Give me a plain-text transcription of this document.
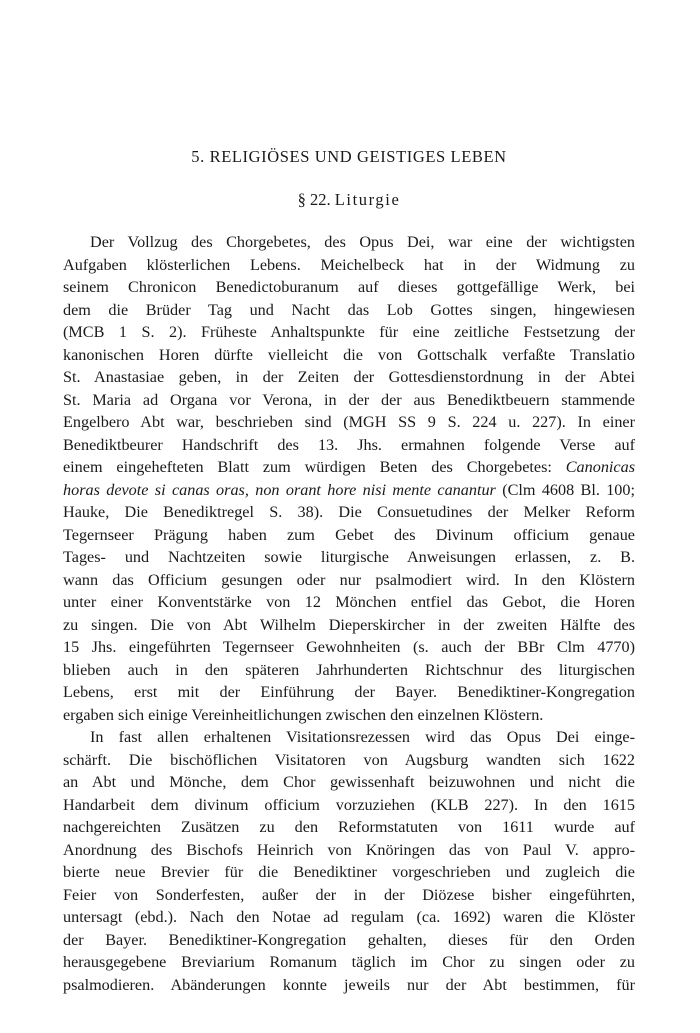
5. RELIGIÖSES UND GEISTIGES LEBEN
§ 22. Liturgie
Der Vollzug des Chorgebetes, des Opus Dei, war eine der wichtigsten
Aufgaben klösterlichen Lebens. Meichelbeck hat in der Widmung zu
seinem Chronicon Benedictoburanum auf dieses gottgefällige Werk, bei
dem die Brüder Tag und Nacht das Lob Gottes singen, hingewiesen
(MCB 1 S. 2). Früheste Anhaltspunkte für eine zeitliche Festsetzung der
kanonischen Horen dürfte vielleicht die von Gottschalk verfaßte Translatio
St. Anastasiae geben, in der Zeiten der Gottesdienstordnung in der Abtei
St. Maria ad Organa vor Verona, in der der aus Benediktbeuern stammende
Engelbero Abt war, beschrieben sind (MGH SS 9 S. 224 u. 227). In einer
Benediktbeurer Handschrift des 13. Jhs. ermahnen folgende Verse auf
einem eingehefteten Blatt zum würdigen Beten des Chorgebetes: Canonicas
horas devote si canas oras, non orant hore nisi mente canantur (Clm 4608 Bl. 100;
Hauke, Die Benediktregel S. 38). Die Consuetudines der Melker Reform
Tegernseer Prägung haben zum Gebet des Divinum officium genaue
Tages- und Nachtzeiten sowie liturgische Anweisungen erlassen, z. B.
wann das Officium gesungen oder nur psalmodiert wird. In den Klöstern
unter einer Konventstärke von 12 Mönchen entfiel das Gebot, die Horen
zu singen. Die von Abt Wilhelm Dieperskircher in der zweiten Hälfte des
15 Jhs. eingeführten Tegernseer Gewohnheiten (s. auch der BBr Clm 4770)
blieben auch in den späteren Jahrhunderten Richtschnur des liturgischen
Lebens, erst mit der Einführung der Bayer. Benediktiner-Kongregation
ergaben sich einige Vereinheitlichungen zwischen den einzelnen Klöstern.
In fast allen erhaltenen Visitationsrezessen wird das Opus Dei einge-
schärft. Die bischöflichen Visitatoren von Augsburg wandten sich 1622
an Abt und Mönche, dem Chor gewissenhaft beizuwohnen und nicht die
Handarbeit dem divinum officium vorzuziehen (KLB 227). In den 1615
nachgereichten Zusätzen zu den Reformstatuten von 1611 wurde auf
Anordnung des Bischofs Heinrich von Knöringen das von Paul V. appro-
bierte neue Brevier für die Benediktiner vorgeschrieben und zugleich die
Feier von Sonderfesten, außer der in der Diözese bisher eingeführten,
untersagt (ebd.). Nach den Notae ad regulam (ca. 1692) waren die Klöster
der Bayer. Benediktiner-Kongregation gehalten, dieses für den Orden
herausgegebene Breviarium Romanum täglich im Chor zu singen oder zu
psalmodieren. Abänderungen konnte jeweils nur der Abt bestimmen, für
